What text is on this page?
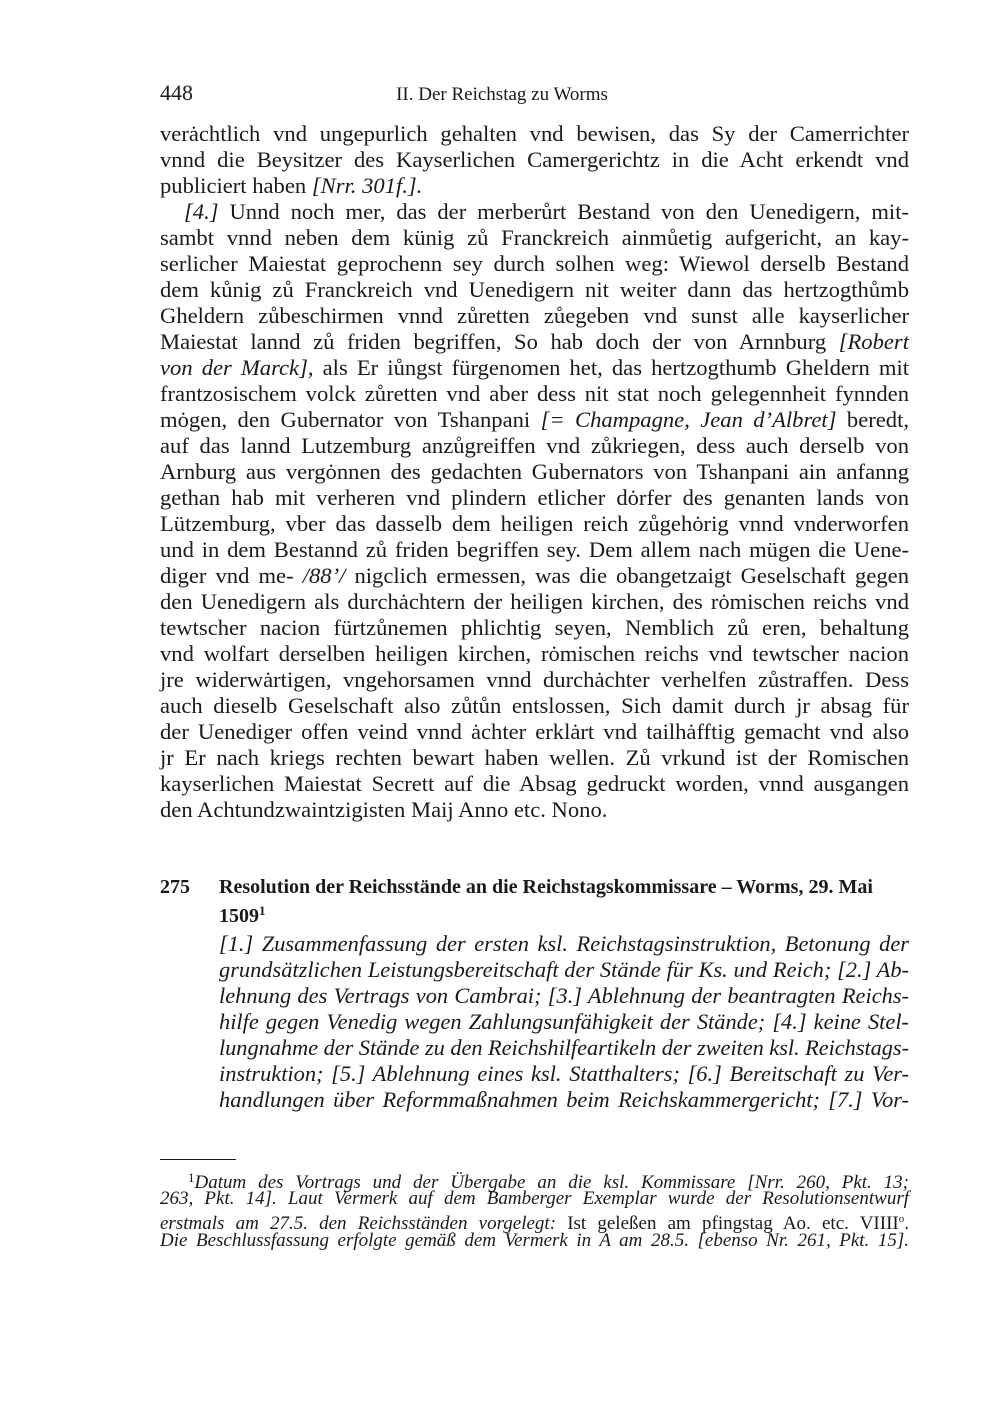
448	II. Der Reichstag zu Worms
verȧchtlich vnd ungepurlich gehalten vnd bewisen, das Sy der Camerrichter
vnnd die Beysitzer des Kayserlichen Camergerichtz in die Acht erkendt vnd
publiciert haben [Nrr. 301f.].
[4.] Unnd noch mer, das der merberůrt Bestand von den Uenedigern, mit-
sambt vnnd neben dem künig zů Franckreich ainmůetig aufgericht, an kay-
serlicher Maiestat geprochenn sey durch solhen weg: Wiewol derselb Bestand
dem kůnig zů Franckreich vnd Uenedigern nit weiter dann das hertzogthůmb
Gheldern zůbeschirmen vnnd zůretten zůegeben vnd sunst alle kayserlicher
Maiestat lannd zů friden begriffen, So hab doch der von Arnnburg [Robert
von der Marck], als Er iůngst fürgenomen het, das hertzogthumb Gheldern mit
frantzosischem volck zůretten vnd aber dess nit stat noch gelegennheit fynnden
mȯgen, den Gubernator von Tshanpani [= Champagne, Jean d’Albret] beredt,
auf das lannd Lutzemburg anzůgreiffen vnd zůkriegen, dess auch derselb von
Arnburg aus vergȯnnen des gedachten Gubernators von Tshanpani ain anfanng
gethan hab mit verheren vnd plindern etlicher dȯrfer des genanten lands von
Lützemburg, vber das dasselb dem heiligen reich zůgehȯrig vnnd vnderworfen
und in dem Bestannd zů friden begriffen sey. Dem allem nach mügen die Uene-
diger vnd me- /88’/ nigclich ermessen, was die obangetzaigt Geselschaft gegen
den Uenedigern als durchȧchtern der heiligen kirchen, des rȯmischen reichs vnd
tewtscher nacion fürtzůnemen phlichtig seyen, Nemblich zů eren, behaltung
vnd wolfart derselben heiligen kirchen, rȯmischen reichs vnd tewtscher nacion
jre widerwȧrtigen, vngehorsamen vnnd durchȧchter verhelfen zůstraffen. Dess
auch dieselb Geselschaft also zůtůn entslossen, Sich damit durch jr absag für
der Uenediger offen veind vnnd ȧchter erklȧrt vnd tailhȧfftig gemacht vnd also
jr Er nach kriegs rechten bewart haben wellen. Zů vrkund ist der Romischen
kayserlichen Maiestat Secrett auf die Absag gedruckt worden, vnnd ausgangen
den Achtundzwaintzigisten Maij Anno etc. Nono.
275 Resolution der Reichsstände an die Reichstagskommissare – Worms, 29. Mai
1509$^1$
[1.] Zusammenfassung der ersten ksl. Reichstagsinstruktion, Betonung der
grundsätzlichen Leistungsbereitschaft der Stände für Ks. und Reich; [2.] Ab-
lehnung des Vertrags von Cambrai; [3.] Ablehnung der beantragten Reichs-
hilfe gegen Venedig wegen Zahlungsunfähigkeit der Stände; [4.] keine Stel-
lungnahme der Stände zu den Reichshilfeartikeln der zweiten ksl. Reichstags-
instruktion; [5.] Ablehnung eines ksl. Statthalters; [6.] Bereitschaft zu Ver-
handlungen über Reformmaßnahmen beim Reichskammergericht; [7.] Vor-
$^1$Datum des Vortrags und der Übergabe an die ksl. Kommissare [Nrr. 260, Pkt. 13;
263, Pkt. 14]. Laut Vermerk auf dem Bamberger Exemplar wurde der Resolutionsentwurf
erstmals am 27.5. den Reichsständen vorgelegt: Ist geleßen am pfingstag Ao. etc. VIIII$^o$.
Die Beschlussfassung erfolgte gemäß dem Vermerk in A am 28.5. [ebenso Nr. 261, Pkt. 15].
